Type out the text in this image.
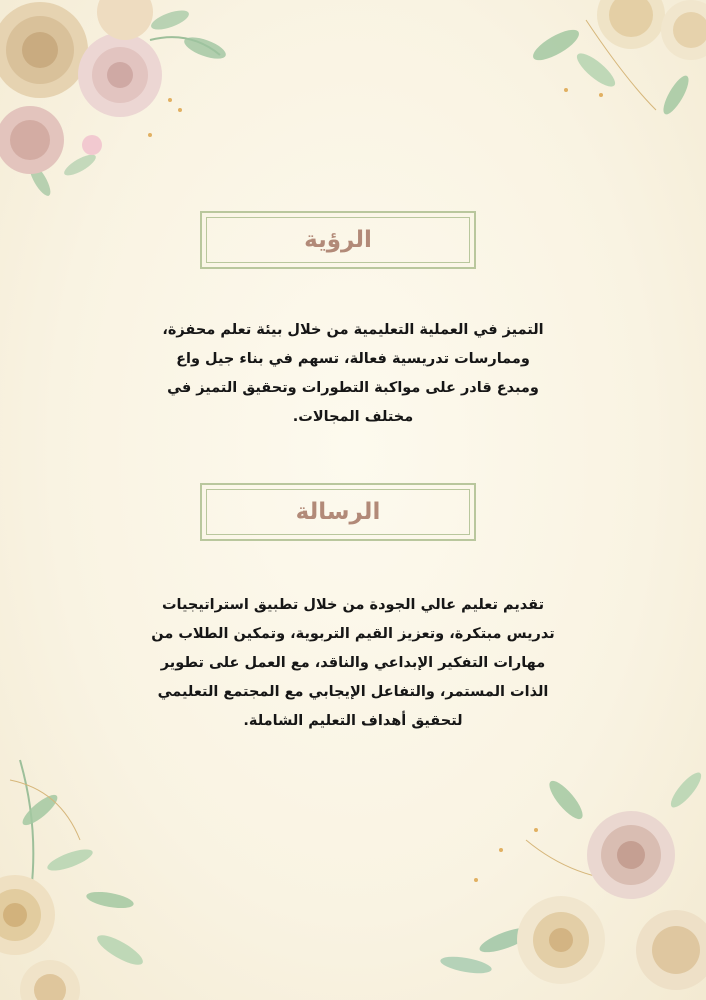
الرؤية
التميز في العملية التعليمية من خلال بيئة تعلم محفزة،
وممارسات تدريسية فعالة، تسهم في بناء جيل واع
ومبدع قادر على مواكبة التطورات وتحقيق التميز في
مختلف المجالات.
الرسالة
تقديم تعليم عالي الجودة من خلال تطبيق استراتيجيات
تدريس مبتكرة، وتعزيز القيم التربوية، وتمكين الطلاب من
مهارات التفكير الإبداعي والناقد، مع العمل على تطوير
الذات المستمر، والتفاعل الإيجابي مع المجتمع التعليمي
لتحقيق أهداف التعليم الشاملة.
